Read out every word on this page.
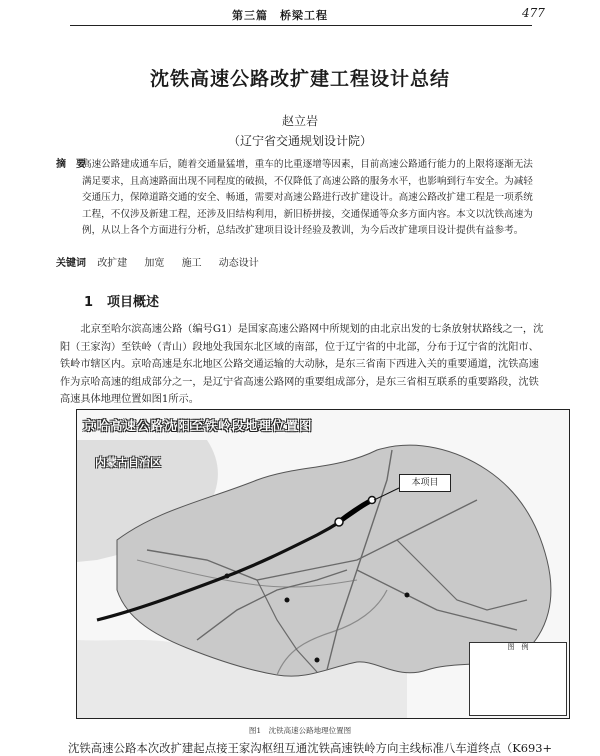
第三篇　桥梁工程	477
沈铁高速公路改扩建工程设计总结
赵立岩
（辽宁省交通规划设计院）
摘　要
高速公路建成通车后，随着交通量猛增，重车的比重逐增等因素，目前高速公路通行能力的上限将逐渐无法满足要求，且高速路面出现不同程度的破损，不仅降低了高速公路的服务水平，也影响到行车安全。为减轻交通压力，保障道路交通的安全、畅通，需要对高速公路进行改扩建设计。高速公路改扩建工程是一项系统工程，不仅涉及新建工程，还涉及旧结构利用，新旧桥拼接，交通保通等众多方面内容。本文以沈铁高速为例，从以上各个方面进行分析，总结改扩建项目设计经验及教训，为今后改扩建项目设计提供有益参考。
关键词 改扩建 加宽 施工 动态设计
1 项目概述
北京至哈尔滨高速公路（编号G1）是国家高速公路网中所规划的由北京出发的七条放射状路线之一，沈阳（王家沟）至铁岭（青山）段地处我国东北区域的南部，位于辽宁省的中北部，分布于辽宁省的沈阳市、铁岭市辖区内。京哈高速是东北地区公路交通运输的大动脉，是东三省南下西进入关的重要通道，沈铁高速作为京哈高速的组成部分之一，是辽宁省高速公路网的重要组成部分，是东三省相互联系的重要路段，沈铁高速具体地理位置如图1所示。
京哈高速公路沈阳至铁岭段地理位置图
内蒙古自治区
本项目
图　例
图1　沈铁高速公路地理位置图
沈铁高速公路本次改扩建起点接王家沟枢纽互通沈铁高速铁岭方向主线标准八车道终点（K693+
